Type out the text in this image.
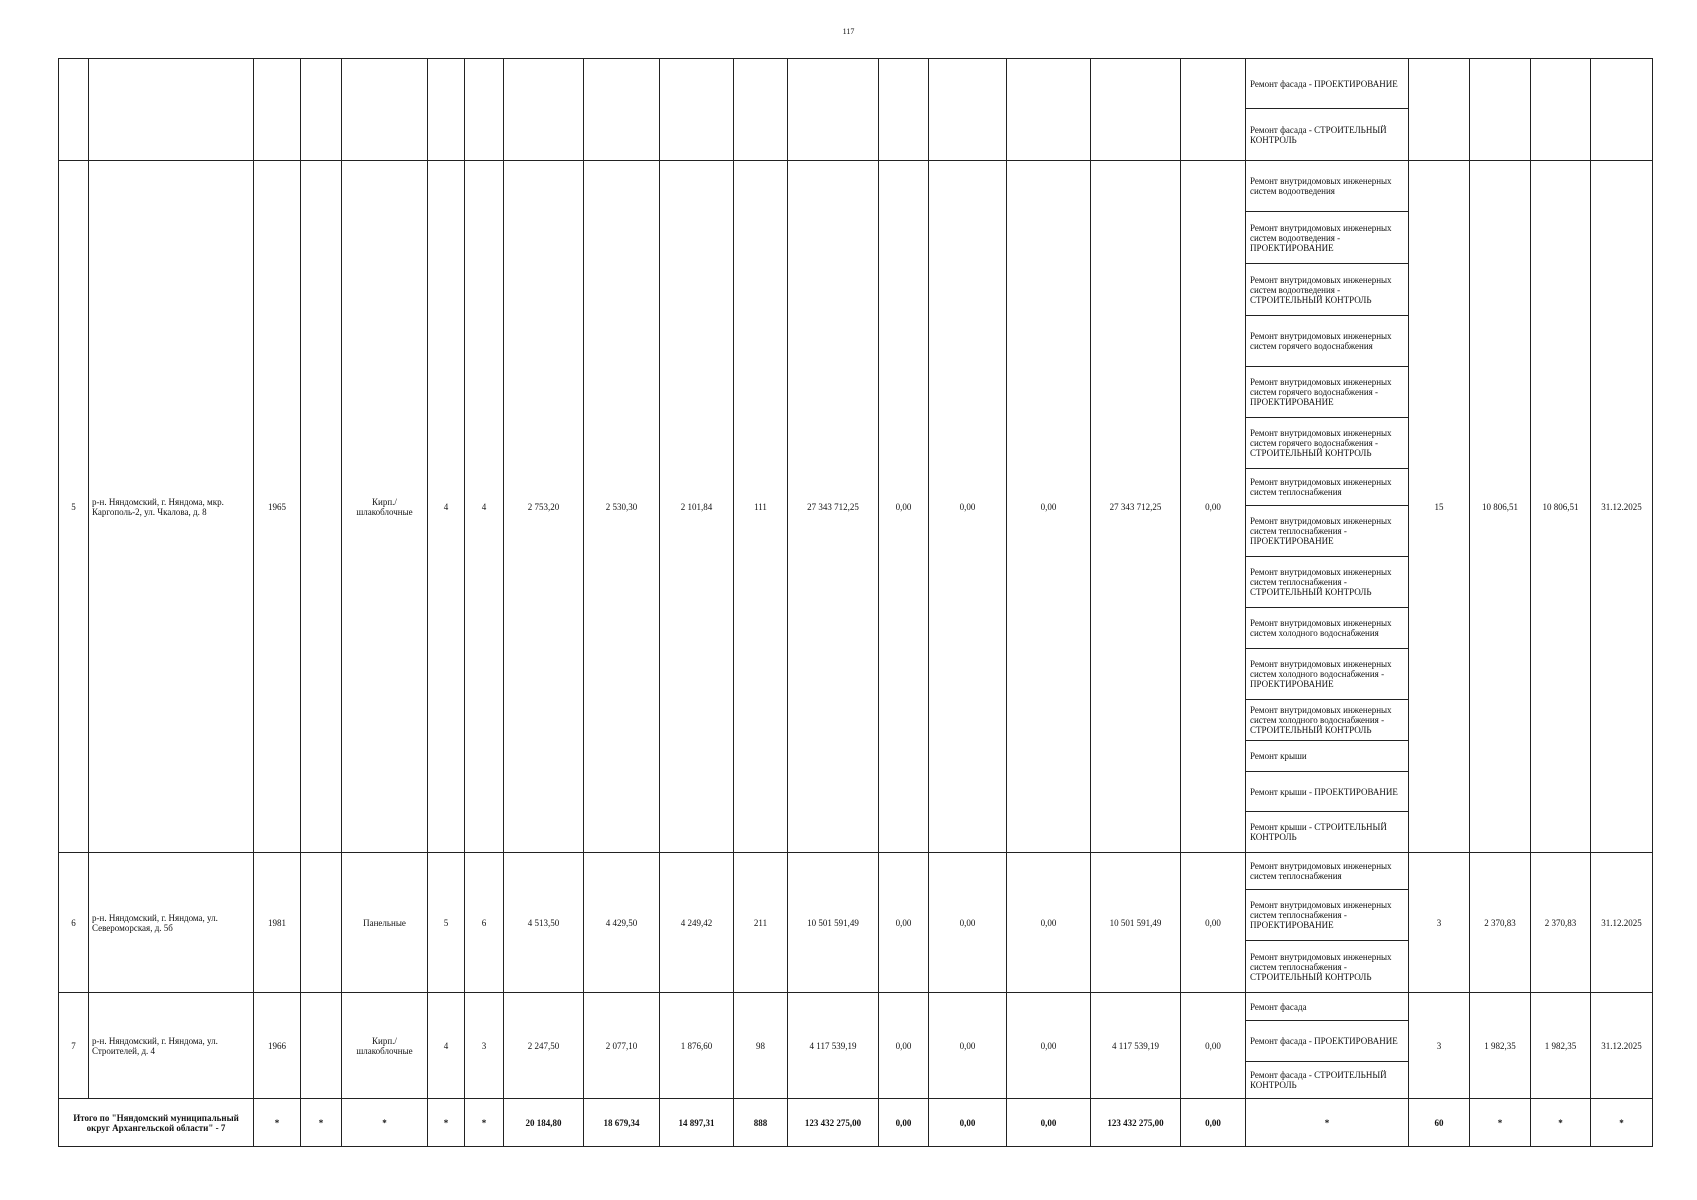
117
																	Ремонт фасада - ПРОЕКТИРОВАНИЕ				
																	Ремонт фасада - СТРОИТЕЛЬНЫЙ КОНТРОЛЬ				
5	р-н. Няндомский, г. Няндома, мкр. Каргополь-2, ул. Чкалова, д. 8	1965		Кирп./шлакоблочные	4	4	2 753,20	2 530,30	2 101,84	111	27 343 712,25	0,00	0,00	0,00	27 343 712,25	0,00	Ремонт внутридомовых инженерных систем водоотведения	15	10 806,51	10 806,51	31.12.2025
																	Ремонт внутридомовых инженерных систем водоотведения - ПРОЕКТИРОВАНИЕ				
																	Ремонт внутридомовых инженерных систем водоотведения - СТРОИТЕЛЬНЫЙ КОНТРОЛЬ				
																	Ремонт внутридомовых инженерных систем горячего водоснабжения				
																	Ремонт внутридомовых инженерных систем горячего водоснабжения - ПРОЕКТИРОВАНИЕ				
																	Ремонт внутридомовых инженерных систем горячего водоснабжения - СТРОИТЕЛЬНЫЙ КОНТРОЛЬ				
																	Ремонт внутридомовых инженерных систем теплоснабжения				
																	Ремонт внутридомовых инженерных систем теплоснабжения - ПРОЕКТИРОВАНИЕ				
																	Ремонт внутридомовых инженерных систем теплоснабжения - СТРОИТЕЛЬНЫЙ КОНТРОЛЬ				
																	Ремонт внутридомовых инженерных систем холодного водоснабжения				
																	Ремонт внутридомовых инженерных систем холодного водоснабжения - ПРОЕКТИРОВАНИЕ				
																	Ремонт внутридомовых инженерных систем холодного водоснабжения - СТРОИТЕЛЬНЫЙ КОНТРОЛЬ				
																	Ремонт крыши				
																	Ремонт крыши - ПРОЕКТИРОВАНИЕ				
																	Ремонт крыши - СТРОИТЕЛЬНЫЙ КОНТРОЛЬ				
6	р-н. Няндомский, г. Няндома, ул. Североморская, д. 5б	1981		Панельные	5	6	4 513,50	4 429,50	4 249,42	211	10 501 591,49	0,00	0,00	0,00	10 501 591,49	0,00	Ремонт внутридомовых инженерных систем теплоснабжения	3	2 370,83	2 370,83	31.12.2025
																	Ремонт внутридомовых инженерных систем теплоснабжения - ПРОЕКТИРОВАНИЕ				
																	Ремонт внутридомовых инженерных систем теплоснабжения - СТРОИТЕЛЬНЫЙ КОНТРОЛЬ				
7	р-н. Няндомский, г. Няндома, ул. Строителей, д. 4	1966		Кирп./шлакоблочные	4	3	2 247,50	2 077,10	1 876,60	98	4 117 539,19	0,00	0,00	0,00	4 117 539,19	0,00	Ремонт фасада	3	1 982,35	1 982,35	31.12.2025
																	Ремонт фасада - ПРОЕКТИРОВАНИЕ				
																	Ремонт фасада - СТРОИТЕЛЬНЫЙ КОНТРОЛЬ				
Итого по "Няндомский муниципальный округ Архангельской области" - 7		*	*	*	*	*	20 184,80	18 679,34	14 897,31	888	123 432 275,00	0,00	0,00	0,00	123 432 275,00	0,00	*	60	*	*	*
